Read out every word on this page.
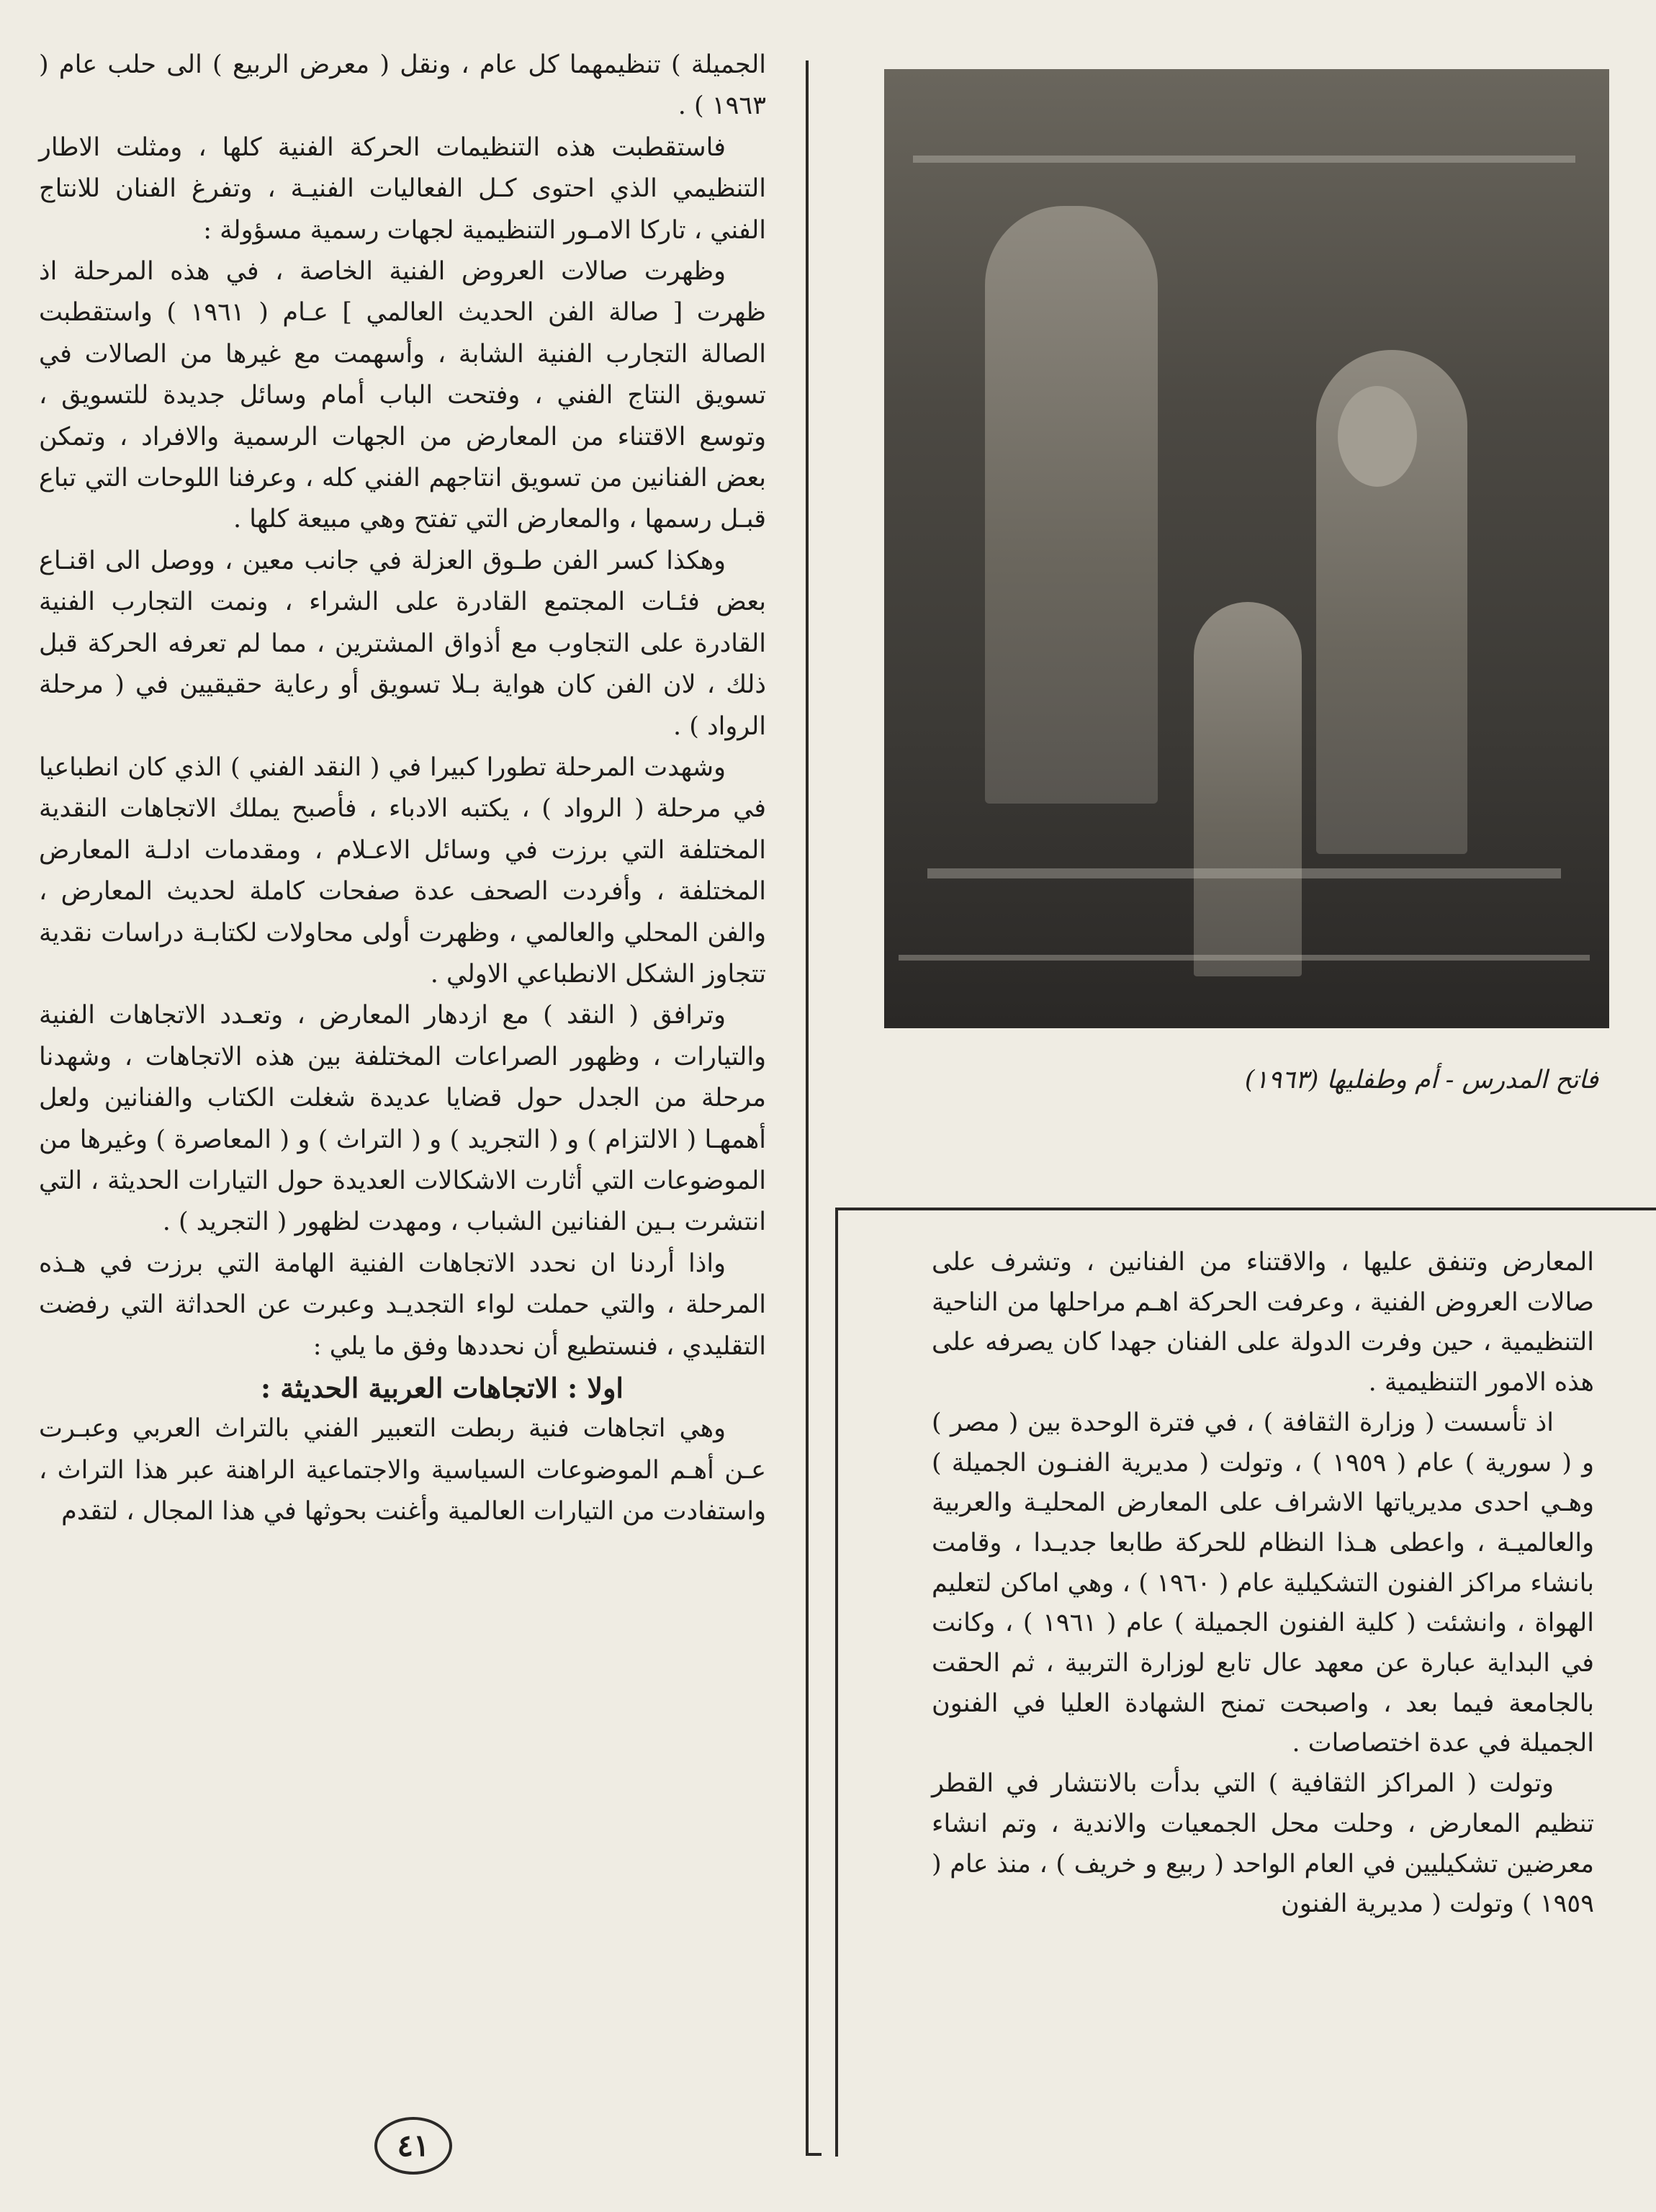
الجميلة ) تنظيمهما كل عام ، ونقل ( معرض الربيع ) الى حلب عام ( ١٩٦٣ ) .

فاستقطبت هذه التنظيمات الحركة الفنية كلها ، ومثلت الاطار التنظيمي الذي احتوى كـل الفعاليات الفنيـة ، وتفرغ الفنان للانتاج الفني ، تاركا الامـور التنظيمية لجهات رسمية مسؤولة :

وظهرت صالات العروض الفنية الخاصة ، في هذه المرحلة اذ ظهرت [ صالة الفن الحديث العالمي ] عـام ( ١٩٦١ ) واستقطبت الصالة التجارب الفنية الشابة ، وأسهمت مع غيرها من الصالات في تسويق النتاج الفني ، وفتحت الباب أمام وسائل جديدة للتسويق ، وتوسع الاقتناء من المعارض من الجهات الرسمية والافراد ، وتمكن بعض الفنانين من تسويق انتاجهم الفني كله ، وعرفنا اللوحات التي تباع قبـل رسمها ، والمعارض التي تفتح وهي مبيعة كلها .

وهكذا كسر الفن طـوق العزلة في جانب معين ، ووصل الى اقنـاع بعض فئـات المجتمع القادرة على الشراء ، ونمت التجارب الفنية القادرة على التجاوب مع أذواق المشترين ، مما لم تعرفه الحركة قبل ذلك ، لان الفن كان هواية بـلا تسويق أو رعاية حقيقيين في ( مرحلة الرواد ) .

وشهدت المرحلة تطورا كبيرا في ( النقد الفني ) الذي كان انطباعيا في مرحلة ( الرواد ) ، يكتبه الادباء ، فأصبح يملك الاتجاهات النقدية المختلفة التي برزت في وسائل الاعـلام ، ومقدمات ادلـة المعارض المختلفة ، وأفردت الصحف عدة صفحات كاملة لحديث المعارض ، والفن المحلي والعالمي ، وظهرت أولى محاولات لكتابـة دراسات نقدية تتجاوز الشكل الانطباعي الاولي .

وترافق ( النقد ) مع ازدهار المعارض ، وتعـدد الاتجاهات الفنية والتيارات ، وظهور الصراعات المختلفة بين هذه الاتجاهات ، وشهدنا مرحلة من الجدل حول قضايا عديدة شغلت الكتاب والفنانين ولعل أهمهـا ( الالتزام ) و ( التجريد ) و ( التراث ) و ( المعاصرة ) وغيرها من الموضوعات التي أثارت الاشكالات العديدة حول التيارات الحديثة ، التي انتشرت بـين الفنانين الشباب ، ومهدت لظهور ( التجريد ) .

واذا أردنا ان نحدد الاتجاهات الفنية الهامة التي برزت في هـذه المرحلة ، والتي حملت لواء التجديـد وعبرت عن الحداثة التي رفضت التقليدي ، فنستطيع أن نحددها وفق ما يلي :

اولا : الاتجاهات العربية الحديثة :

وهي اتجاهات فنية ربطت التعبير الفني بالتراث العربي وعبـرت عـن أهـم الموضوعات السياسية والاجتماعية الراهنة عبر هذا التراث ، واستفادت من التيارات العالمية وأغنت بحوثها في هذا المجال ، لتقدم

فاتح المدرس - أم وطفليها (١٩٦٣)

المعارض وتنفق عليها ، والاقتناء من الفنانين ، وتشرف على صالات العروض الفنية ، وعرفت الحركة اهـم مراحلها من الناحية التنظيمية ، حين وفرت الدولة على الفنان جهدا كان يصرفه على هذه الامور التنظيمية .

اذ تأسست ( وزارة الثقافة ) ، في فترة الوحدة بين ( مصر ) و ( سورية ) عام ( ١٩٥٩ ) ، وتولت ( مديرية الفنـون الجميلة ) وهـي احدى مديرياتها الاشراف على المعارض المحليـة والعربية والعالميـة ، واعطى هـذا النظام للحركة طابعا جديـدا ، وقامت بانشاء مراكز الفنون التشكيلية عام ( ١٩٦٠ ) ، وهي اماكن لتعليم الهواة ، وانشئت ( كلية الفنون الجميلة ) عام ( ١٩٦١ ) ، وكانت في البداية عبارة عن معهد عال تابع لوزارة التربية ، ثم الحقت بالجامعة فيما بعد ، واصبحت تمنح الشهادة العليا في الفنون الجميلة في عدة اختصاصات .

وتولت ( المراكز الثقافية ) التي بدأت بالانتشار في القطر تنظيم المعارض ، وحلت محل الجمعيات والاندية ، وتم انشاء معرضين تشكيليين في العام الواحد ( ربيع و خريف ) ، منذ عام ( ١٩٥٩ ) وتولت ( مديرية الفنون

٤١
